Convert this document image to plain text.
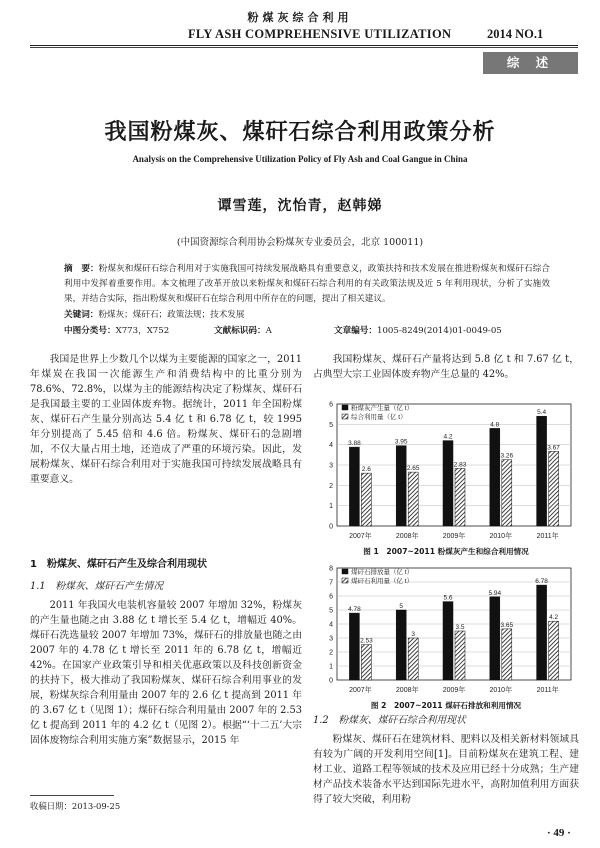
粉煤灰综合利用
FLY ASH COMPREHENSIVE UTILIZATION	2014 NO.1
综 述
我国粉煤灰、煤矸石综合利用政策分析
Analysis on the Comprehensive Utilization Policy of Fly Ash and Coal Gangue in China
谭雪莲，沈怡青，赵韩娣
(中国资源综合利用协会粉煤灰专业委员会，北京 100011)
摘　要：粉煤灰和煤矸石综合利用对于实施我国可持续发展战略具有重要意义，政策扶持和技术发展在推进粉煤灰和煤矸石综合利用中发挥着重要作用。本文梳理了改革开放以来粉煤灰和煤矸石综合利用的有关政策法规及近 5 年利用现状，分析了实施效果，并结合实际，指出粉煤灰和煤矸石在综合利用中所存在的问题，提出了相关建议。
关键词：粉煤灰；煤矸石；政策法规；技术发展
中图分类号：X773，X752	文献标识码：A	文章编号：1005-8249(2014)01-0049-05
我国是世界上少数几个以煤为主要能源的国家之一，2011 年煤炭在我国一次能源生产和消费结构中的比重分别为 78.6%、72.8%，以煤为主的能源结构决定了粉煤灰、煤矸石是我国最主要的工业固体废弃物。据统计，2011 年全国粉煤灰、煤矸石产生量分别高达 5.4 亿 t 和 6.78 亿 t，较 1995 年分别提高了 5.45 倍和 4.6 倍。粉煤灰、煤矸石的急剧增加，不仅大量占用土地，还造成了严重的环境污染。因此，发展粉煤灰、煤矸石综合利用对于实施我国可持续发展战略具有重要意义。
1　粉煤灰、煤矸石产生及综合利用现状
1.1　粉煤灰、煤矸石产生情况
2011 年我国火电装机容量较 2007 年增加 32%，粉煤灰的产生量也随之由 3.88 亿 t 增长至 5.4 亿 t，增幅近 40%。煤矸石洗选量较 2007 年增加 73%，煤矸石的排放量也随之由 2007 年的 4.78 亿 t 增长至 2011 年的 6.78 亿 t，增幅近 42%。在国家产业政策引导和相关优惠政策以及科技创新资金的扶持下，极大推动了我国粉煤灰、煤矸石综合利用事业的发展，粉煤灰综合利用量由 2007 年的 2.6 亿 t 提高到 2011 年的 3.67 亿 t（见图 1）；煤矸石综合利用量由 2007 年的 2.53 亿 t 提高到 2011 年的 4.2 亿 t（见图 2）。根据“‘十二五’大宗固体废物综合利用实施方案”数据显示，2015 年
收稿日期：2013-09-25
我国粉煤灰、煤矸石产量将达到 5.8 亿 t 和 7.67 亿 t，占典型大宗工业固体废弃物产生总量的 42%。
0
1
2
3
4
5
6
2007年
3.88
2.6
2008年
3.95
2.65
2009年
4.2
2.83
2010年
4.8
3.26
2011年
5.4
3.67
粉煤灰产生量（亿 t）
综合利用量（亿 t）
图 1　2007~2011 粉煤灰产生和综合利用情况
0
1
2
3
4
5
6
7
8
2007年
4.78
2.53
2008年
5
3
2009年
5.6
3.5
2010年
5.94
3.65
2011年
6.78
4.2
煤矸石排放量（亿 t）
煤矸石利用量（亿 t）
图 2　2007~2011 煤矸石排放和利用情况
1.2　粉煤灰、煤矸石综合利用现状
粉煤灰、煤矸石在建筑材料、肥料以及相关新材料领域具有较为广阔的开发利用空间[1]。目前粉煤灰在建筑工程、建材工业、道路工程等领域的技术及应用已经十分成熟；生产建材产品技术装备水平达到国际先进水平，高附加值利用方面获得了较大突破，利用粉
· 49 ·
